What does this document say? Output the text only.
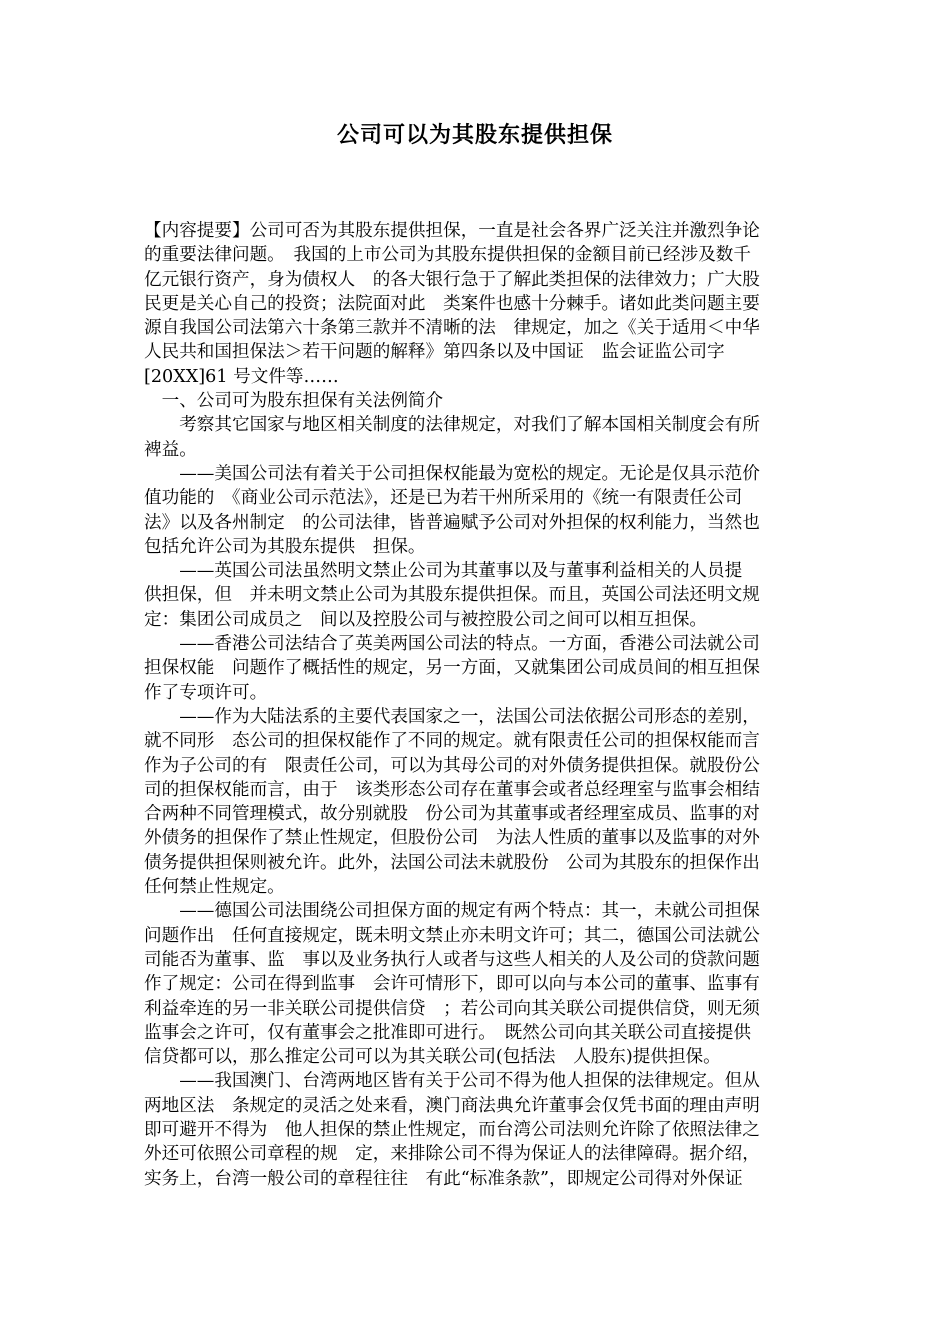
公司可以为其股东提供担保
【内容提要】公司可否为其股东提供担保，一直是社会各界广泛关注并激烈争论
的重要法律问题。　我国的上市公司为其股东提供担保的金额目前已经涉及数千
亿元银行资产，身为债权人　的各大银行急于了解此类担保的法律效力；广大股
民更是关心自己的投资；法院面对此　类案件也感十分棘手。诸如此类问题主要
源自我国公司法第六十条第三款并不清晰的法　律规定，加之《关于适用＜中华
人民共和国担保法＞若干问题的解释》第四条以及中国证　监会证监公司字
[20XX]61 号文件等……
　一、公司可为股东担保有关法例简介
　　考察其它国家与地区相关制度的法律规定，对我们了解本国相关制度会有所
裨益。
　　——美国公司法有着关于公司担保权能最为宽松的规定。无论是仅具示范价
值功能的　《商业公司示范法》，还是已为若干州所采用的《统一有限责任公司
法》以及各州制定　的公司法律，皆普遍赋予公司对外担保的权利能力，当然也
包括允许公司为其股东提供　担保。
　　——英国公司法虽然明文禁止公司为其董事以及与董事利益相关的人员提
供担保，但　并未明文禁止公司为其股东提供担保。而且，英国公司法还明文规
定：集团公司成员之　间以及控股公司与被控股公司之间可以相互担保。
　　——香港公司法结合了英美两国公司法的特点。一方面，香港公司法就公司
担保权能　问题作了概括性的规定，另一方面，又就集团公司成员间的相互担保
作了专项许可。
　　——作为大陆法系的主要代表国家之一，法国公司法依据公司形态的差别，
就不同形　态公司的担保权能作了不同的规定。就有限责任公司的担保权能而言
作为子公司的有　限责任公司，可以为其母公司的对外债务提供担保。就股份公
司的担保权能而言，由于　该类形态公司存在董事会或者总经理室与监事会相结
合两种不同管理模式，故分别就股　份公司为其董事或者经理室成员、监事的对
外债务的担保作了禁止性规定，但股份公司　为法人性质的董事以及监事的对外
债务提供担保则被允许。此外，法国公司法未就股份　公司为其股东的担保作出
任何禁止性规定。
　　——德国公司法围绕公司担保方面的规定有两个特点：其一，未就公司担保
问题作出　任何直接规定，既未明文禁止亦未明文许可；其二，德国公司法就公
司能否为董事、监　事以及业务执行人或者与这些人相关的人及公司的贷款问题
作了规定：公司在得到监事　会许可情形下，即可以向与本公司的董事、监事有
利益牵连的另一非关联公司提供信贷　；若公司向其关联公司提供信贷，则无须
监事会之许可，仅有董事会之批准即可进行。　既然公司向其关联公司直接提供
信贷都可以，那么推定公司可以为其关联公司(包括法　人股东)提供担保。
　　——我国澳门、台湾两地区皆有关于公司不得为他人担保的法律规定。但从
两地区法　条规定的灵活之处来看，澳门商法典允许董事会仅凭书面的理由声明
即可避开不得为　他人担保的禁止性规定，而台湾公司法则允许除了依照法律之
外还可依照公司章程的规　定，来排除公司不得为保证人的法律障碍。据介绍，
实务上，台湾一般公司的章程往往　有此“标准条款”，即规定公司得对外保证
